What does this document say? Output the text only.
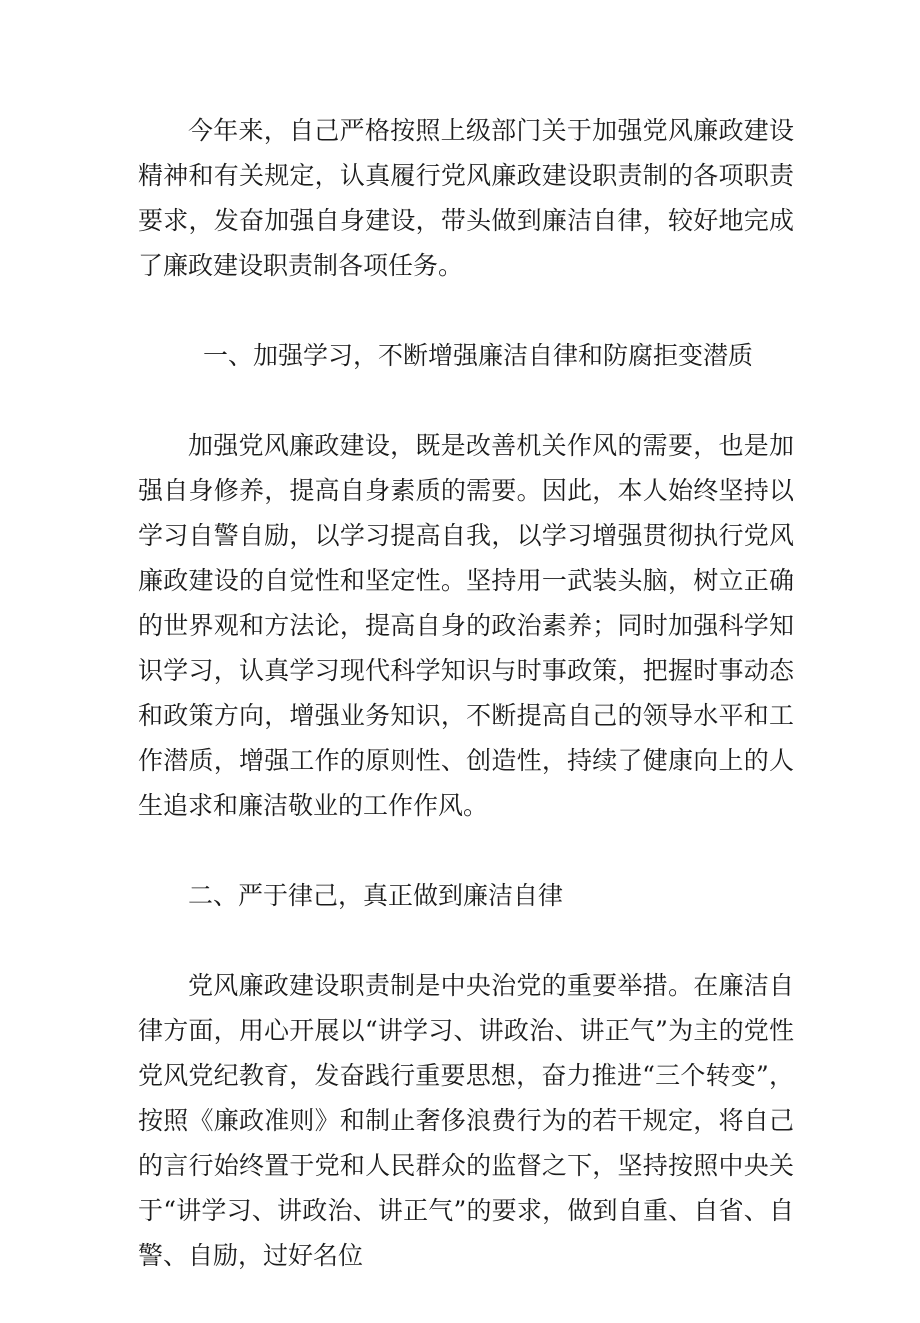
今年来，自己严格按照上级部门关于加强党风廉政建设精神和有关规定，认真履行党风廉政建设职责制的各项职责要求，发奋加强自身建设，带头做到廉洁自律，较好地完成了廉政建设职责制各项任务。

一、加强学习，不断增强廉洁自律和防腐拒变潜质

加强党风廉政建设，既是改善机关作风的需要，也是加强自身修养，提高自身素质的需要。因此，本人始终坚持以学习自警自励，以学习提高自我，以学习增强贯彻执行党风廉政建设的自觉性和坚定性。坚持用一武装头脑，树立正确的世界观和方法论，提高自身的政治素养；同时加强科学知识学习，认真学习现代科学知识与时事政策，把握时事动态和政策方向，增强业务知识，不断提高自己的领导水平和工作潜质，增强工作的原则性、创造性，持续了健康向上的人生追求和廉洁敬业的工作作风。

二、严于律己，真正做到廉洁自律

党风廉政建设职责制是中央治党的重要举措。在廉洁自律方面，用心开展以“讲学习、讲政治、讲正气”为主的党性党风党纪教育，发奋践行重要思想，奋力推进“三个转变”，按照《廉政准则》和制止奢侈浪费行为的若干规定，将自己的言行始终置于党和人民群众的监督之下，坚持按照中央关于“讲学习、讲政治、讲正气”的要求，做到自重、自省、自警、自励，过好名位
